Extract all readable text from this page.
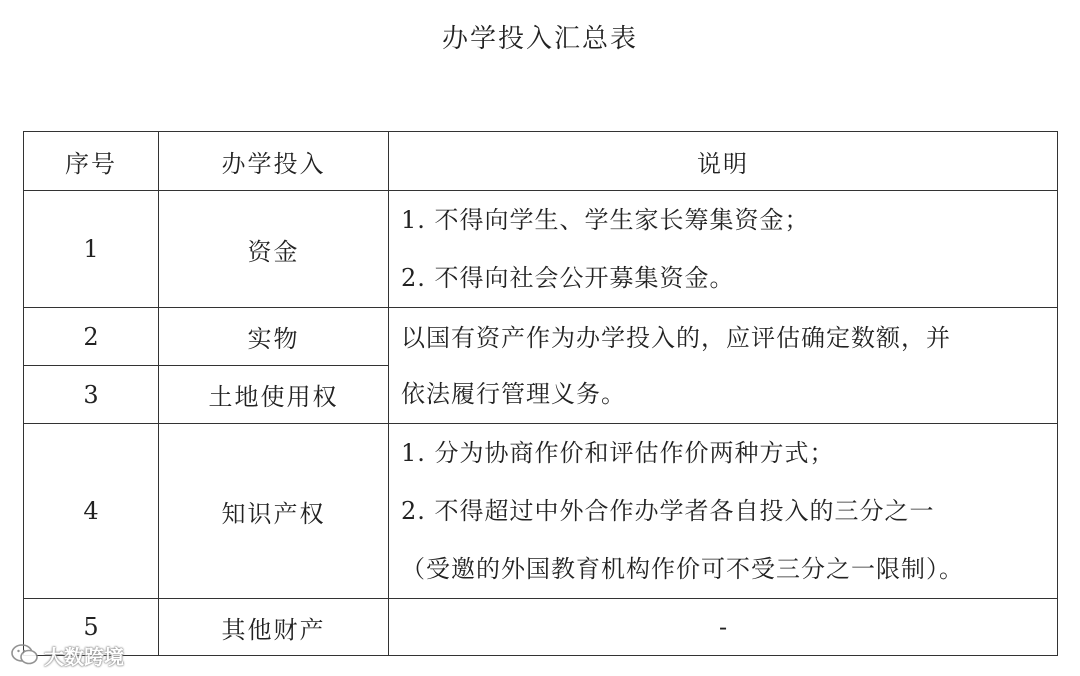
办学投入汇总表
序号	办学投入	说明
1	资金	1. 不得向学生、学生家长筹集资金；
2. 不得向社会公开募集资金。

2	实物	以国有资产作为办学投入的，应评估确定数额，并
依法履行管理义务。

3	土地使用权	
4	知识产权	1. 分为协商作价和评估作价两种方式；
2. 不得超过中外合作办学者各自投入的三分之一
（受邀的外国教育机构作价可不受三分之一限制）。

5	其他财产	-
大数跨境
